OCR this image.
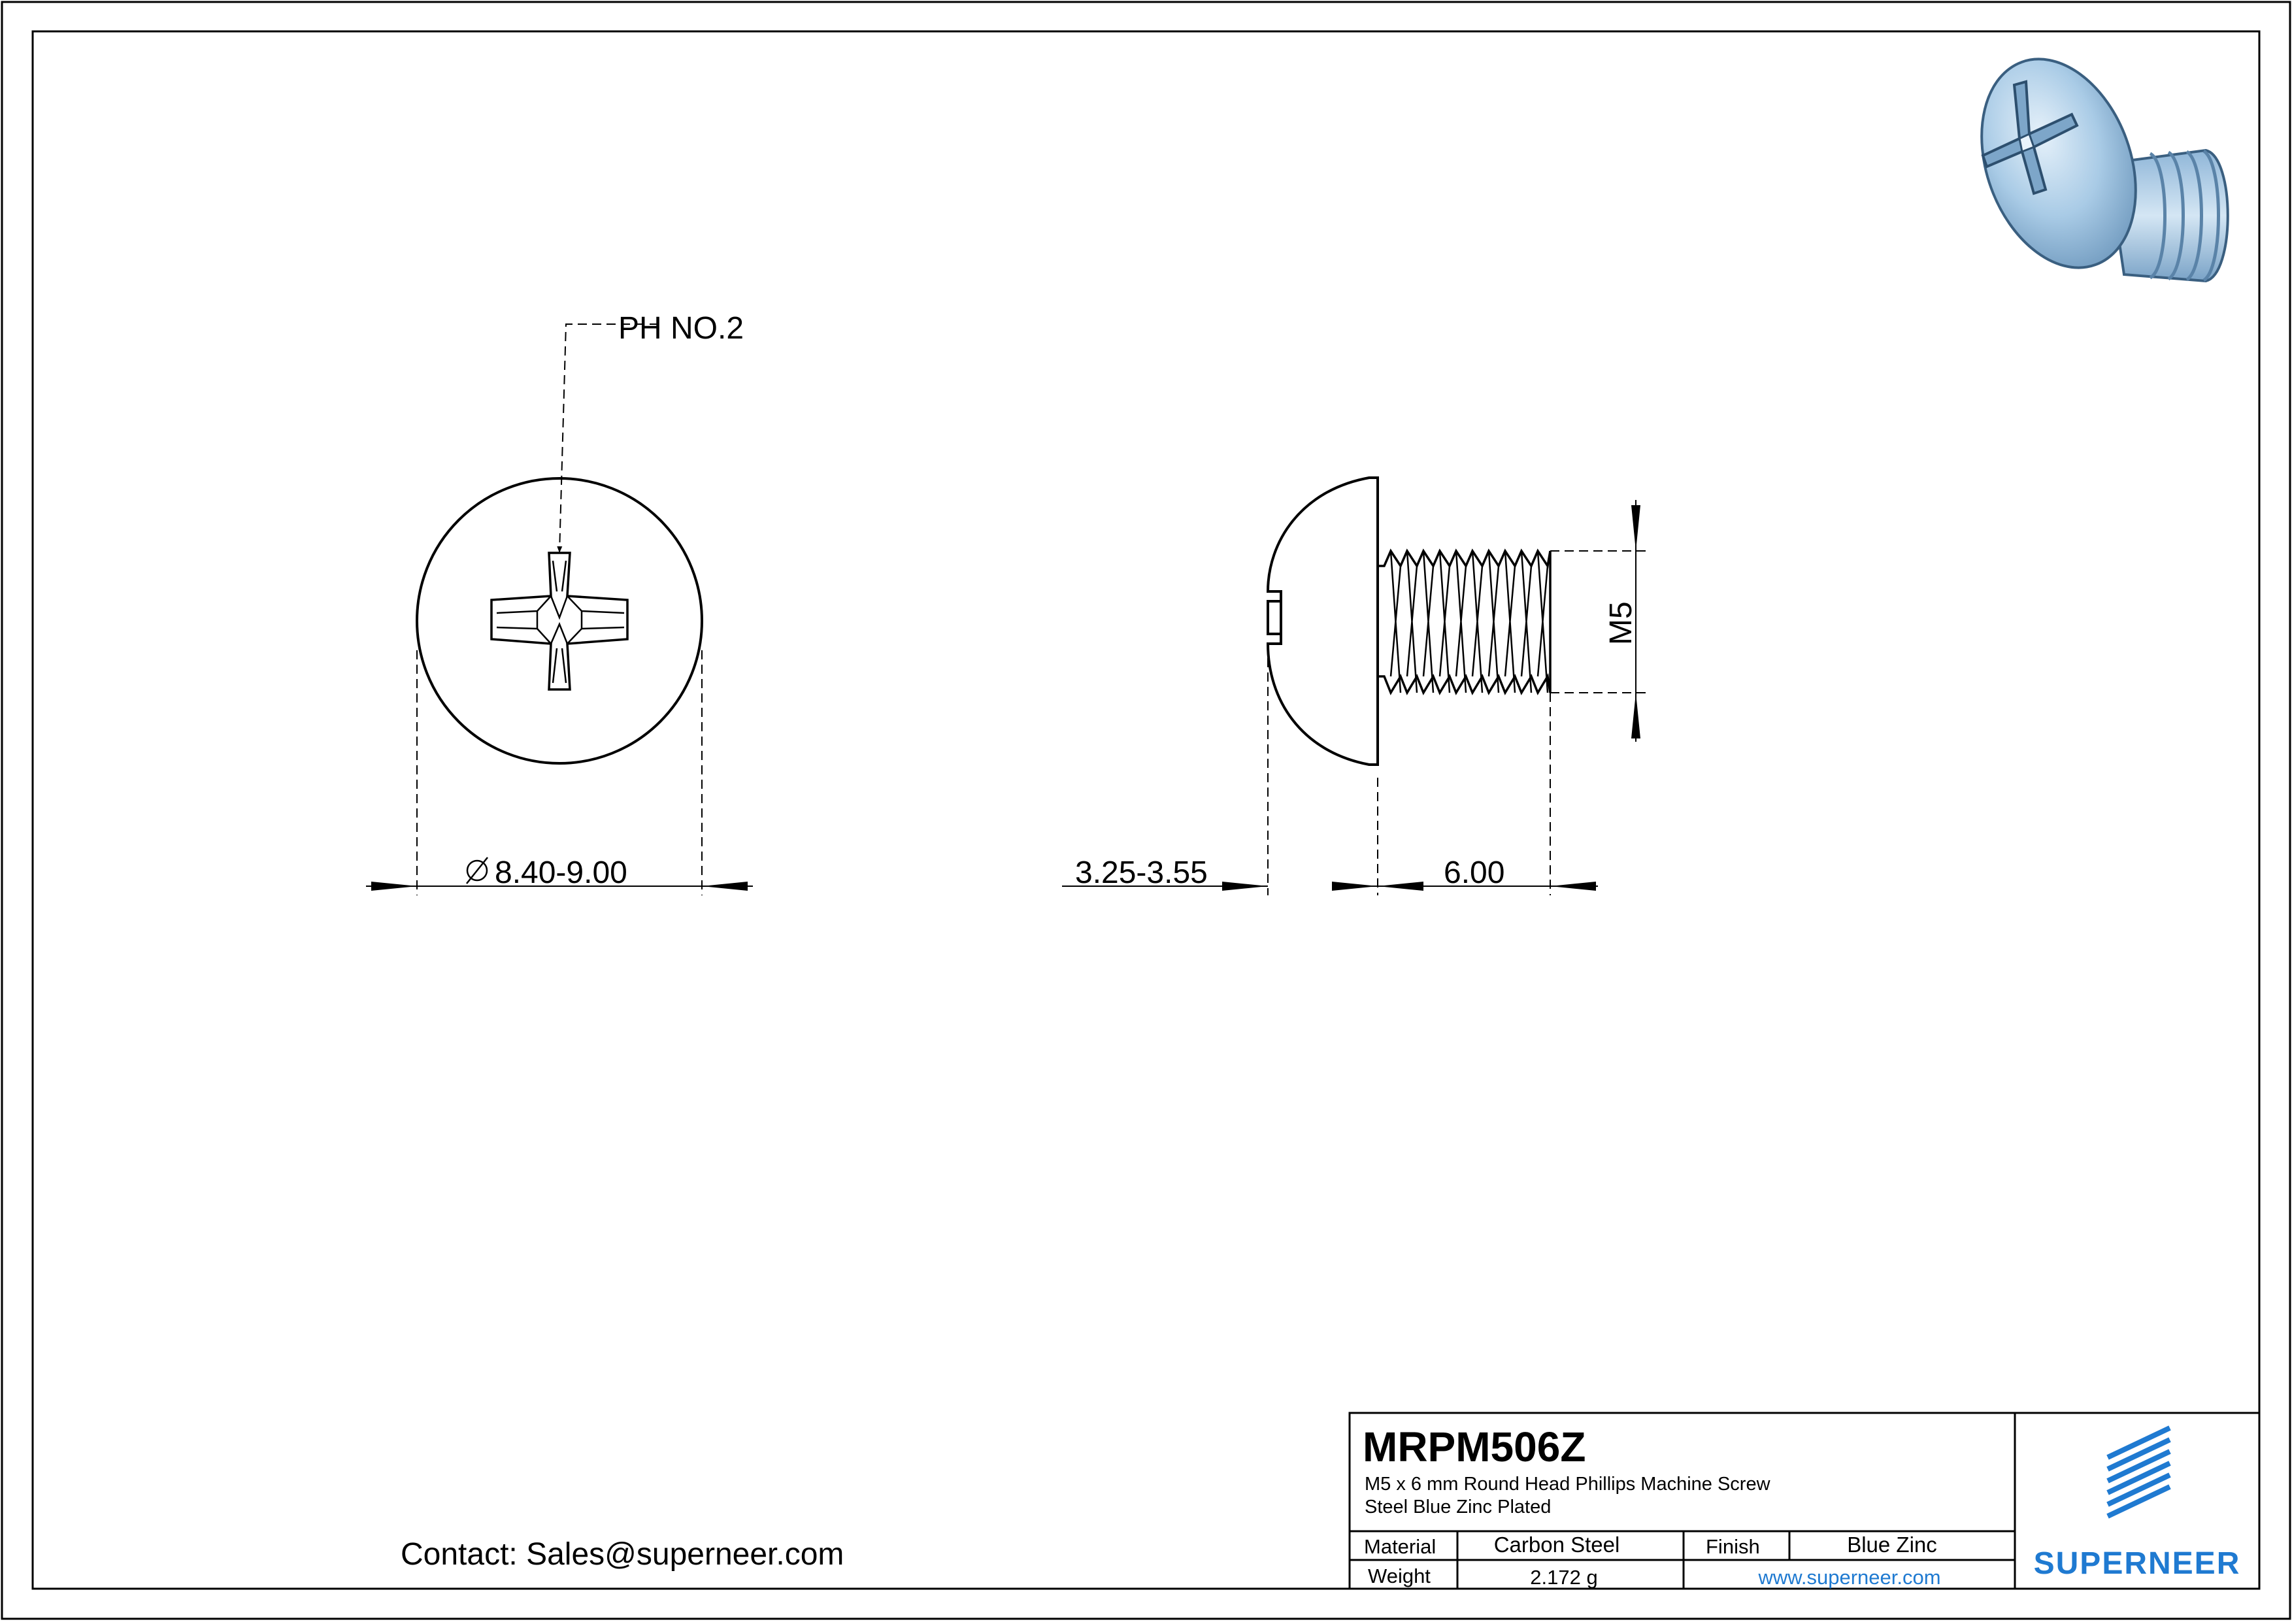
PH NO.2
8.40-9.00
M5
3.25-3.55	6.00
Contact: Sales@superneer.com
MRPM506Z
M5 x 6 mm Round Head Phillips Machine Screw
Steel Blue Zinc Plated
Material	Carbon Steel	Finish	Blue Zinc
Weight	2.172 g	www.superneer.com	SUPERNEER
